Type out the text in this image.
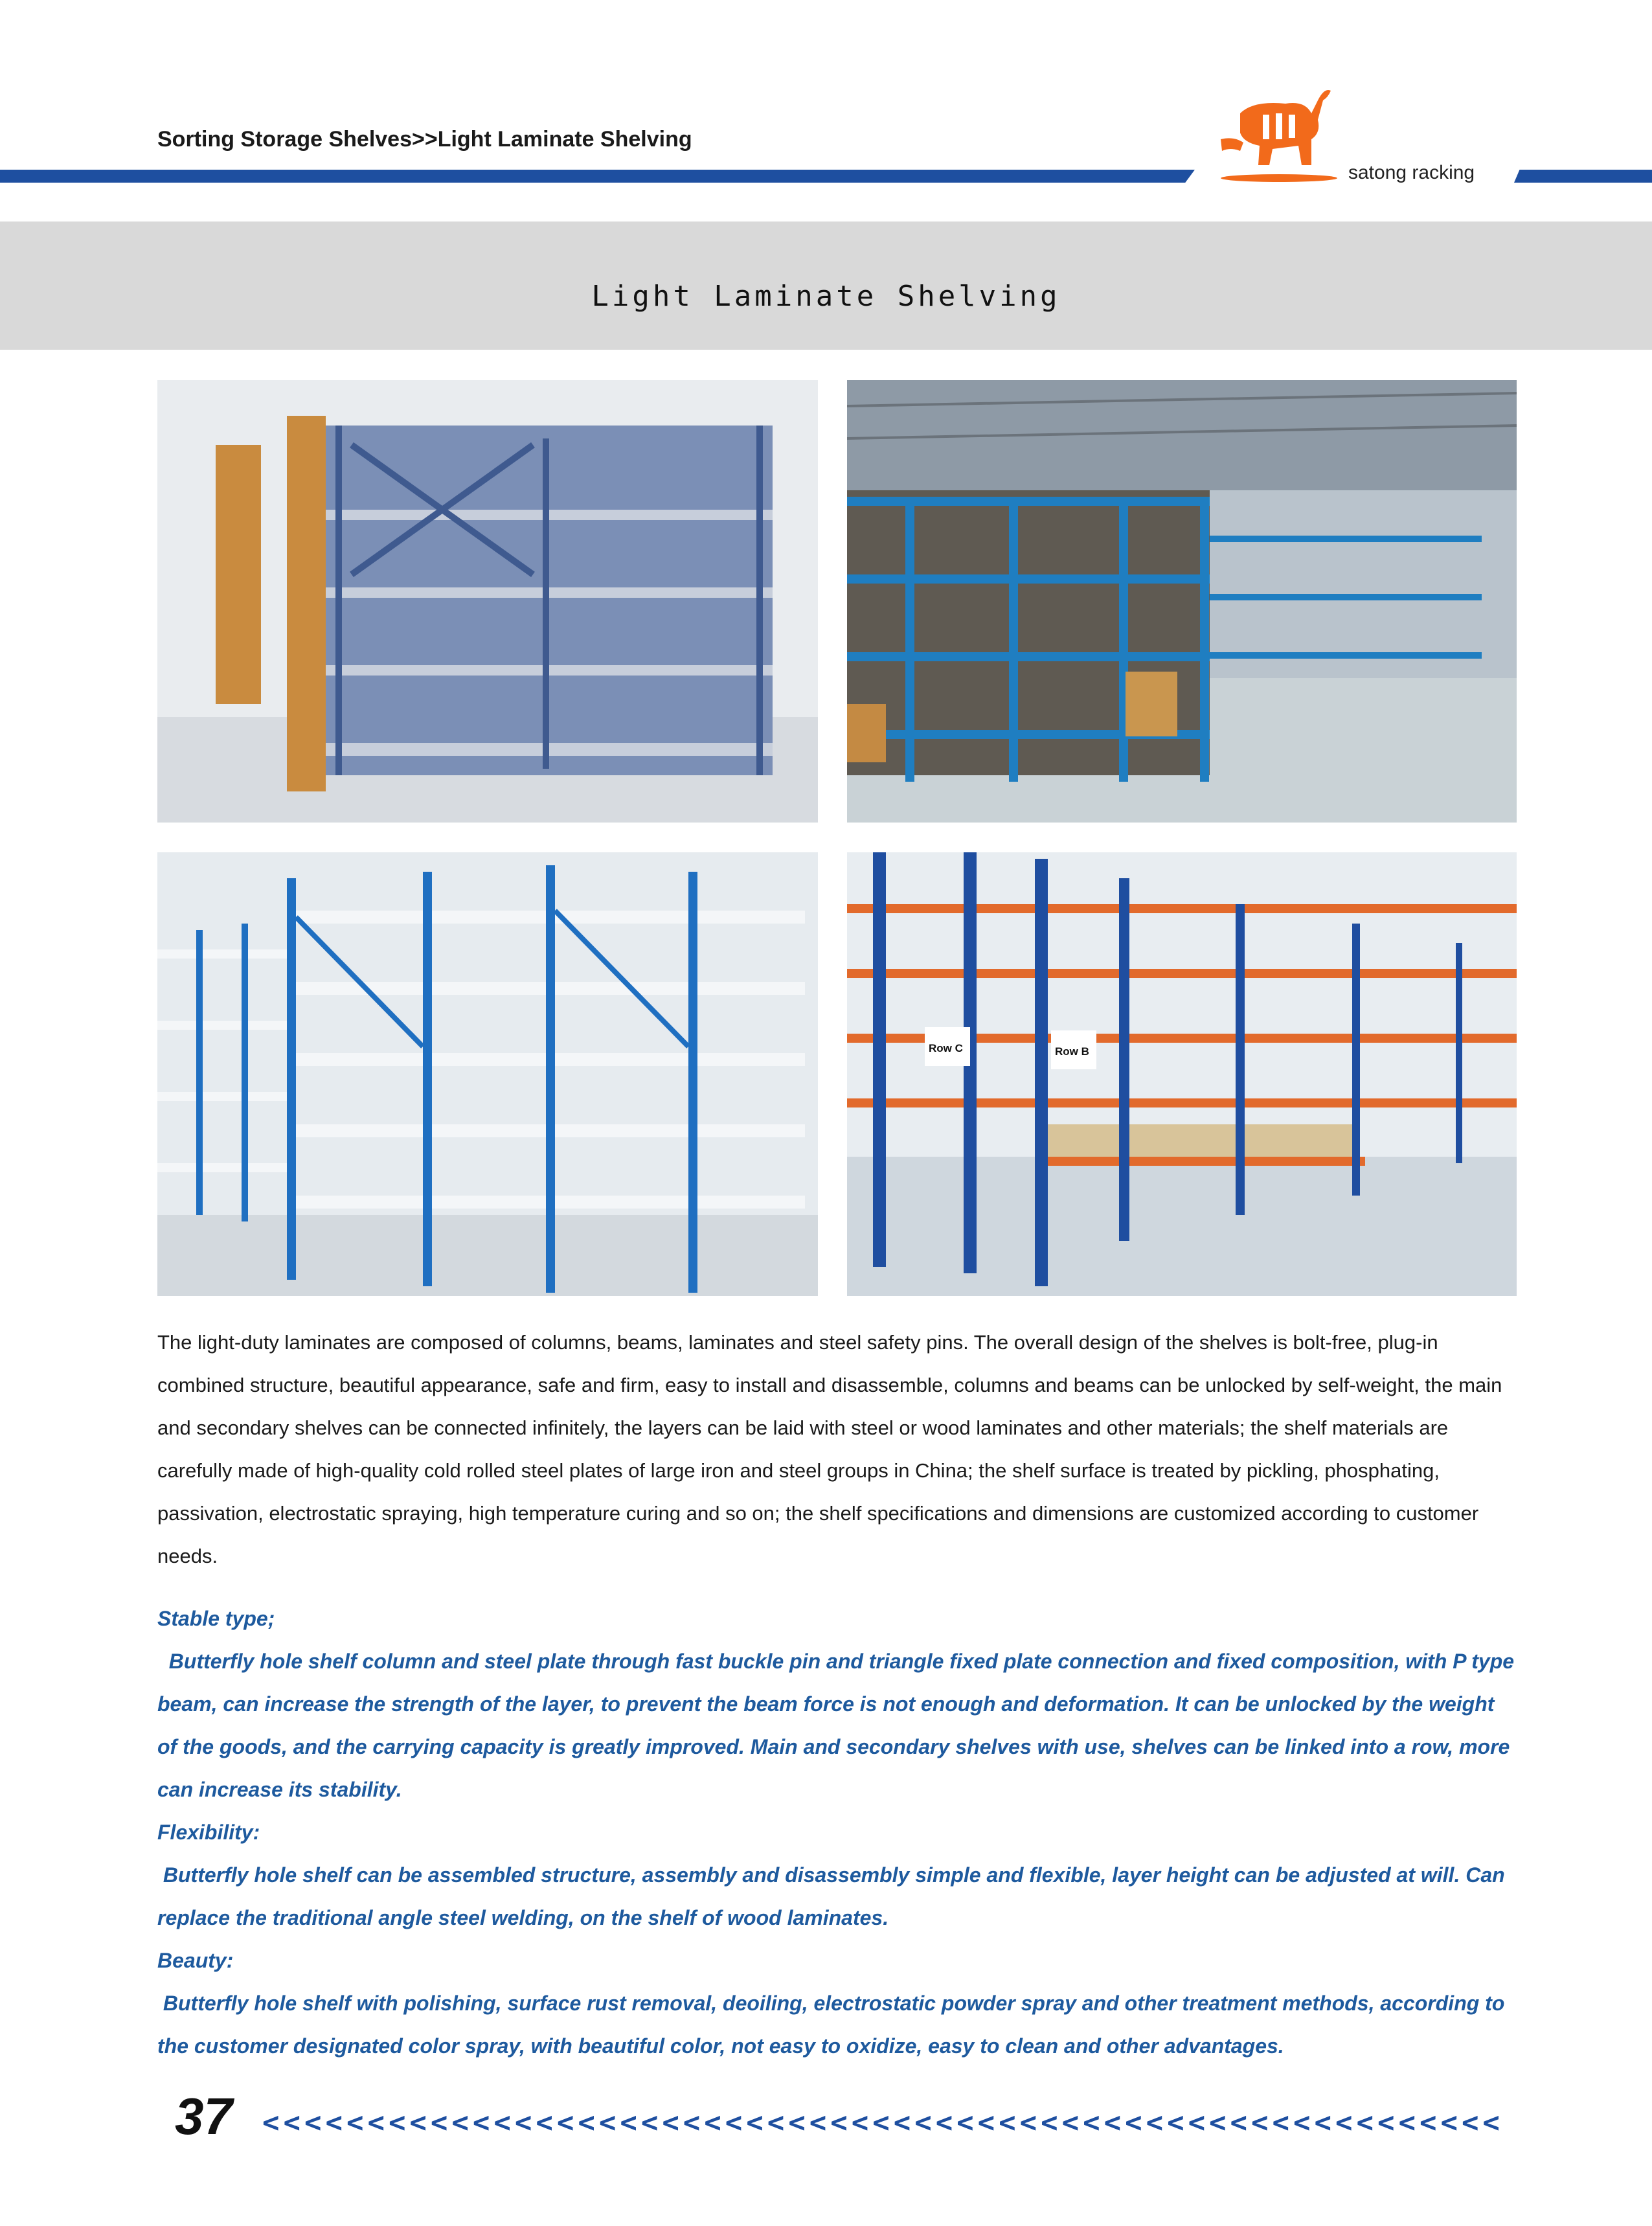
Sorting Storage Shelves>>Light Laminate Shelving
satong racking
Light Laminate Shelving
Row C	Row B
The light-duty laminates are composed of columns, beams, laminates and steel safety pins. The overall design of the shelves is bolt-free, plug-in combined structure, beautiful appearance, safe and firm, easy to install and disassemble, columns and beams can be unlocked by self-weight, the main and secondary shelves can be connected infinitely, the layers can be laid with steel or wood laminates and other materials; the shelf materials are carefully made of high-quality cold rolled steel plates of large iron and steel groups in China; the shelf surface is treated by pickling, phosphating, passivation, electrostatic spraying, high temperature curing and so on; the shelf specifications and dimensions are customized according to customer needs.

Stable type;

Butterfly hole shelf column and steel plate through fast buckle pin and triangle fixed plate connection and fixed composition, with P type beam, can increase the strength of the layer, to prevent the beam force is not enough and deformation. It can be unlocked by the weight of the goods, and the carrying capacity is greatly improved. Main and secondary shelves with use, shelves can be linked into a row, more can increase its stability.

Flexibility:

Butterfly hole shelf can be assembled structure, assembly and disassembly simple and flexible, layer height can be adjusted at will. Can replace the traditional angle steel welding, on the shelf of wood laminates.

Beauty:

Butterfly hole shelf with polishing, surface rust removal, deoiling, electrostatic powder spray and other treatment methods, according to the customer designated color spray, with beautiful color, not easy to oxidize, easy to clean and other advantages.

37 <<<<<<<<<<<<<<<<<<<<<<<<<<<<<<<<<<<<<<<<<<<<<<<<<<<<<<<<<<<
